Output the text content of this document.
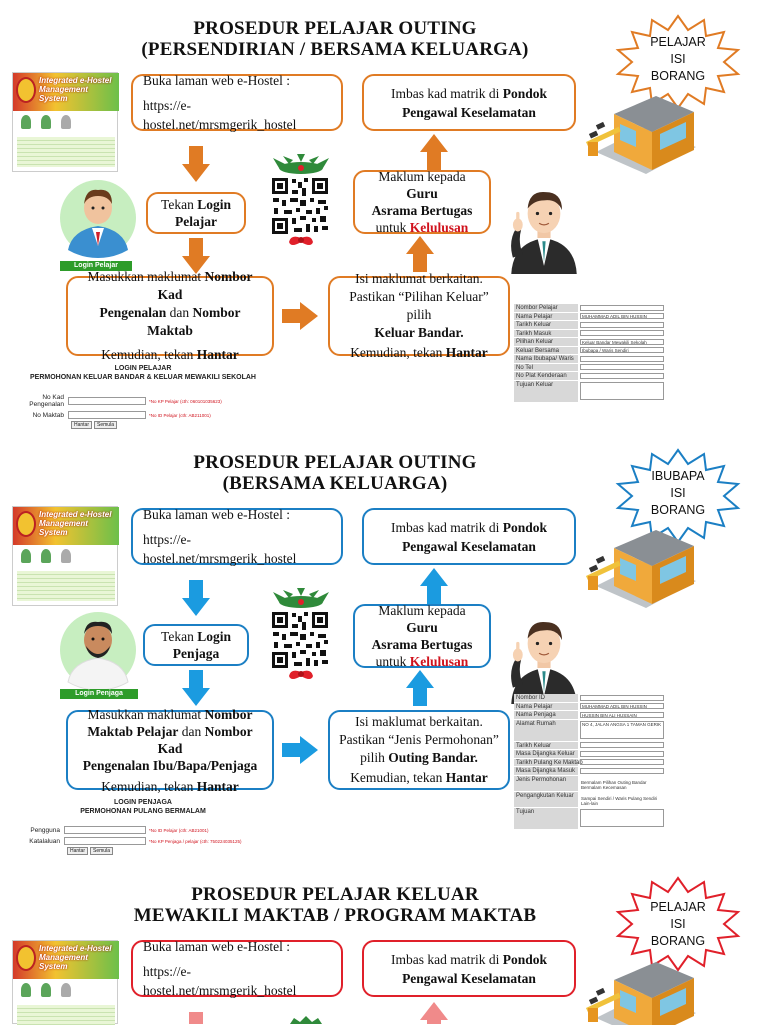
PROSEDUR PELAJAR OUTING
(PERSENDIRIAN / BERSAMA KELUARGA)	PELAJAR
ISI
BORANG
Integrated e-Hostel
Management System
Login Pelajar
Buka laman web e-Hostel :
https://e-hostel.net/mrsmgerik_hostel
Imbas kad matrik di Pondok
Pengawal Keselamatan
Tekan Login
Pelajar
Maklum kepada Guru
Asrama Bertugas
untuk Kelulusan
Masukkan maklumat Nombor Kad
Pengenalan dan Nombor Maktab
Kemudian, tekan Hantar
Isi maklumat berkaitan.
Pastikan “Pilihan Keluar” pilih
Keluar Bandar.
Kemudian, tekan Hantar
LOGIN PELAJAR
PERMOHONAN KELUAR BANDAR & KELUAR MEWAKILI SEKOLAH
No Kad Pengenalan	*No KP Pelajar (cth: 060101035623)
No Maktab	*No ID Pelajar (cth: AB211001)
Hantar	Semula
Nombor Pelajar
Nama Pelajar	MUHAMMAD ADIL BIN HUSSIN
Tarikh Keluar
Tarikh Masuk
Pilihan Keluar	Keluar Bandar Mewakili Sekolah
Keluar Bersama	Ibubapa / Waris Sendiri
Nama Ibubapa/ Waris
No Tel
No Plat Kenderaan
Tujuan Keluar
PROSEDUR PELAJAR OUTING
(BERSAMA KELUARGA)	IBUBAPA
ISI
BORANG
Integrated e-Hostel
Management System
Login Penjaga
Buka laman web e-Hostel :
https://e-hostel.net/mrsmgerik_hostel
Imbas kad matrik di Pondok
Pengawal Keselamatan
Tekan Login
Penjaga
Maklum kepada Guru
Asrama Bertugas
untuk Kelulusan
Masukkan maklumat Nombor
Maktab Pelajar dan Nombor Kad
Pengenalan Ibu/Bapa/Penjaga
Kemudian, tekan Hantar
Isi maklumat berkaitan.
Pastikan “Jenis Permohonan”
pilih Outing Bandar.
Kemudian, tekan Hantar
LOGIN PENJAGA
PERMOHONAN PULANG BERMALAM
Pengguna	*No ID Pelajar (cth: AB21001)
Katalaluan	*No KP Penjaga / pelajar (cth: 750224035125)
Hantar	Semula
Nombor ID
Nama Pelajar	MUHAMMAD ADIL BIN HUSSIN
Nama Penjaga	HUSSIN BIN ALI HUSSAIN
Alamat Rumah	NO 4, JALAN ANGSA 1 TAMAN GERIK
Tarikh Keluar
Masa Dijangka Keluar
Tarikh Pulang Ke Maktab
Masa Dijangka Masuk
Jenis Permohonan	Bermalam Pilihan Outing Bandar Bermalam Kecemasan
Pengangkutan Keluar	Sampai Sendiri / Waris Pulang Sendiri Lain-lain
Tujuan
PROSEDUR PELAJAR KELUAR
MEWAKILI MAKTAB / PROGRAM MAKTAB	PELAJAR
ISI
BORANG
Integrated e-Hostel
Management System
Buka laman web e-Hostel :
https://e-hostel.net/mrsmgerik_hostel
Imbas kad matrik di Pondok
Pengawal Keselamatan
